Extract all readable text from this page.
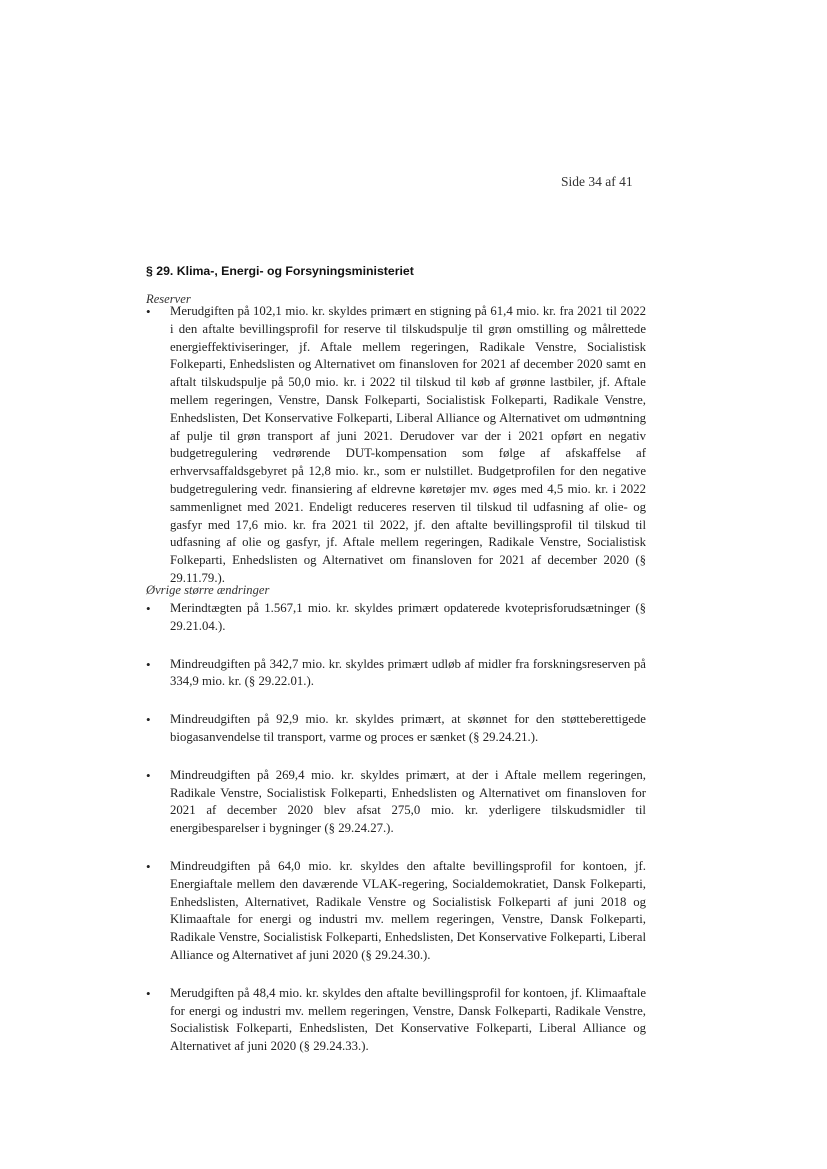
Side 34 af 41
§ 29. Klima-, Energi- og Forsyningsministeriet
Reserver
• Merudgiften på 102,1 mio. kr. skyldes primært en stigning på 61,4 mio. kr. fra 2021 til 2022 i den aftalte bevillingsprofil for reserve til tilskudspulje til grøn omstilling og målrettede energieffektiviseringer, jf. Aftale mellem regeringen, Radikale Venstre, Socialistisk Folkeparti, Enhedslisten og Alternativet om finansloven for 2021 af december 2020 samt en aftalt tilskudspulje på 50,0 mio. kr. i 2022 til tilskud til køb af grønne lastbiler, jf. Aftale mellem regeringen, Venstre, Dansk Folkeparti, Socialistisk Folkeparti, Radikale Venstre, Enhedslisten, Det Konservative Folkeparti, Liberal Alliance og Alternativet om udmøntning af pulje til grøn transport af juni 2021. Derudover var der i 2021 opført en negativ budgetregulering vedrørende DUT-kompensation som følge af afskaffelse af erhvervsaffaldsgebyret på 12,8 mio. kr., som er nulstillet. Budgetprofilen for den negative budgetregulering vedr. finansiering af eldrevne køretøjer mv. øges med 4,5 mio. kr. i 2022 sammenlignet med 2021. Endeligt reduceres reserven til tilskud til udfasning af olie- og gasfyr med 17,6 mio. kr. fra 2021 til 2022, jf. den aftalte bevillingsprofil til tilskud til udfasning af olie og gasfyr, jf. Aftale mellem regeringen, Radikale Venstre, Socialistisk Folkeparti, Enhedslisten og Alternativet om finansloven for 2021 af december 2020 (§ 29.11.79.).
Øvrige større ændringer
• Merindtægten på 1.567,1 mio. kr. skyldes primært opdaterede kvoteprisforudsætninger (§ 29.21.04.).
• Mindreudgiften på 342,7 mio. kr. skyldes primært udløb af midler fra forskningsreserven på 334,9 mio. kr. (§ 29.22.01.).
• Mindreudgiften på 92,9 mio. kr. skyldes primært, at skønnet for den støtteberettigede biogasanvendelse til transport, varme og proces er sænket (§ 29.24.21.).
• Mindreudgiften på 269,4 mio. kr. skyldes primært, at der i Aftale mellem regeringen, Radikale Venstre, Socialistisk Folkeparti, Enhedslisten og Alternativet om finansloven for 2021 af december 2020 blev afsat 275,0 mio. kr. yderligere tilskudsmidler til energibesparelser i bygninger (§ 29.24.27.).
• Mindreudgiften på 64,0 mio. kr. skyldes den aftalte bevillingsprofil for kontoen, jf. Energiaftale mellem den daværende VLAK-regering, Socialdemokratiet, Dansk Folkeparti, Enhedslisten, Alternativet, Radikale Venstre og Socialistisk Folkeparti af juni 2018 og Klimaaftale for energi og industri mv. mellem regeringen, Venstre, Dansk Folkeparti, Radikale Venstre, Socialistisk Folkeparti, Enhedslisten, Det Konservative Folkeparti, Liberal Alliance og Alternativet af juni 2020 (§ 29.24.30.).
• Merudgiften på 48,4 mio. kr. skyldes den aftalte bevillingsprofil for kontoen, jf. Klimaaftale for energi og industri mv. mellem regeringen, Venstre, Dansk Folkeparti, Radikale Venstre, Socialistisk Folkeparti, Enhedslisten, Det Konservative Folkeparti, Liberal Alliance og Alternativet af juni 2020 (§ 29.24.33.).
